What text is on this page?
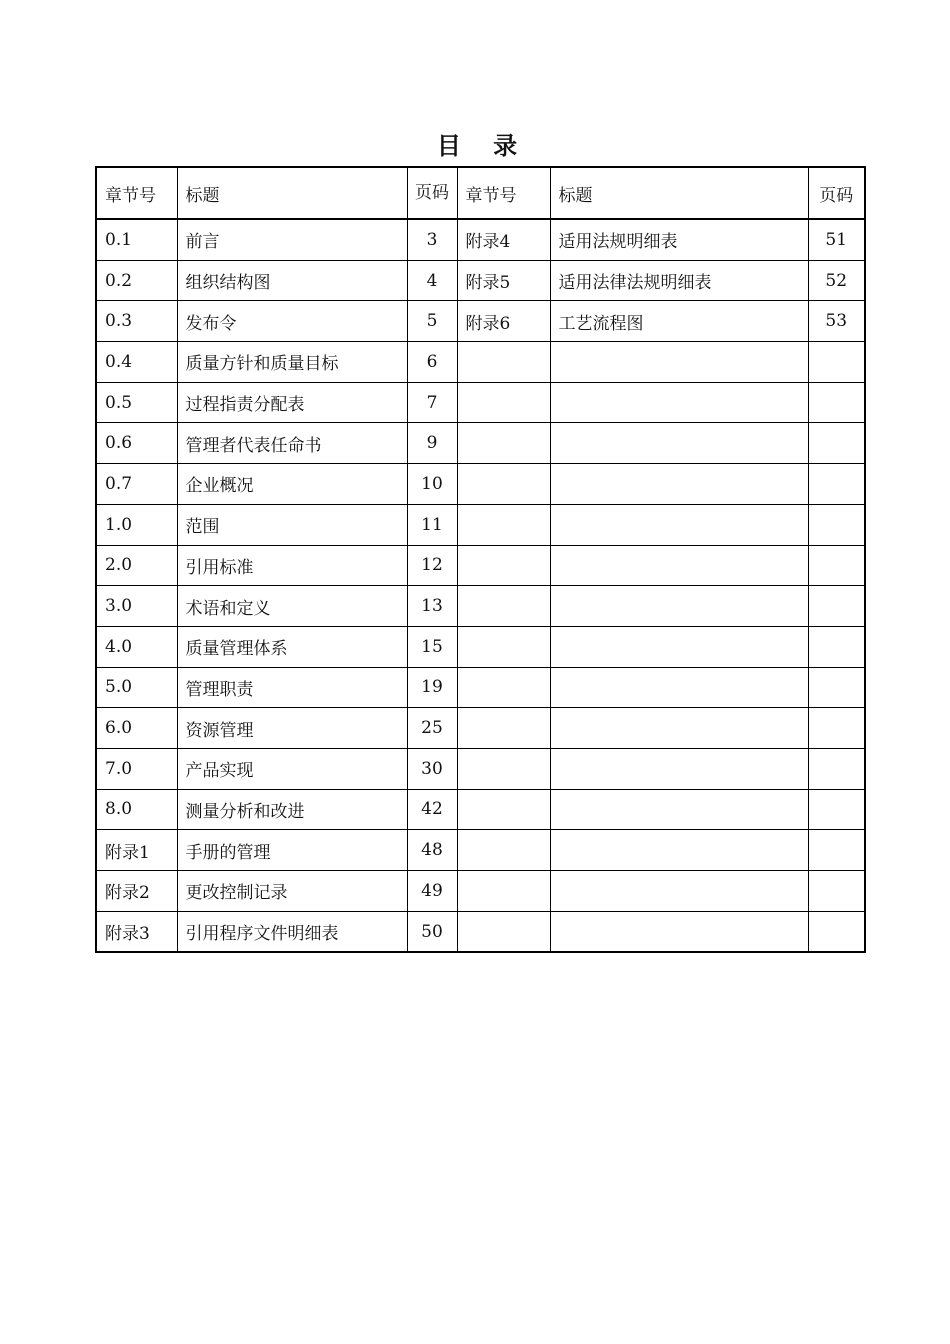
目 录
章节号	标题	页码	章节号	标题	页码
0.1	前言	3	附录4	适用法规明细表	51
0.2	组织结构图	4	附录5	适用法律法规明细表	52
0.3	发布令	5	附录6	工艺流程图	53
0.4	质量方针和质量目标	6			
0.5	过程指责分配表	7			
0.6	管理者代表任命书	9			
0.7	企业概况	10			
1.0	范围	11			
2.0	引用标准	12			
3.0	术语和定义	13			
4.0	质量管理体系	15			
5.0	管理职责	19			
6.0	资源管理	25			
7.0	产品实现	30			
8.0	测量分析和改进	42			
附录1	手册的管理	48			
附录2	更改控制记录	49			
附录3	引用程序文件明细表	50			
